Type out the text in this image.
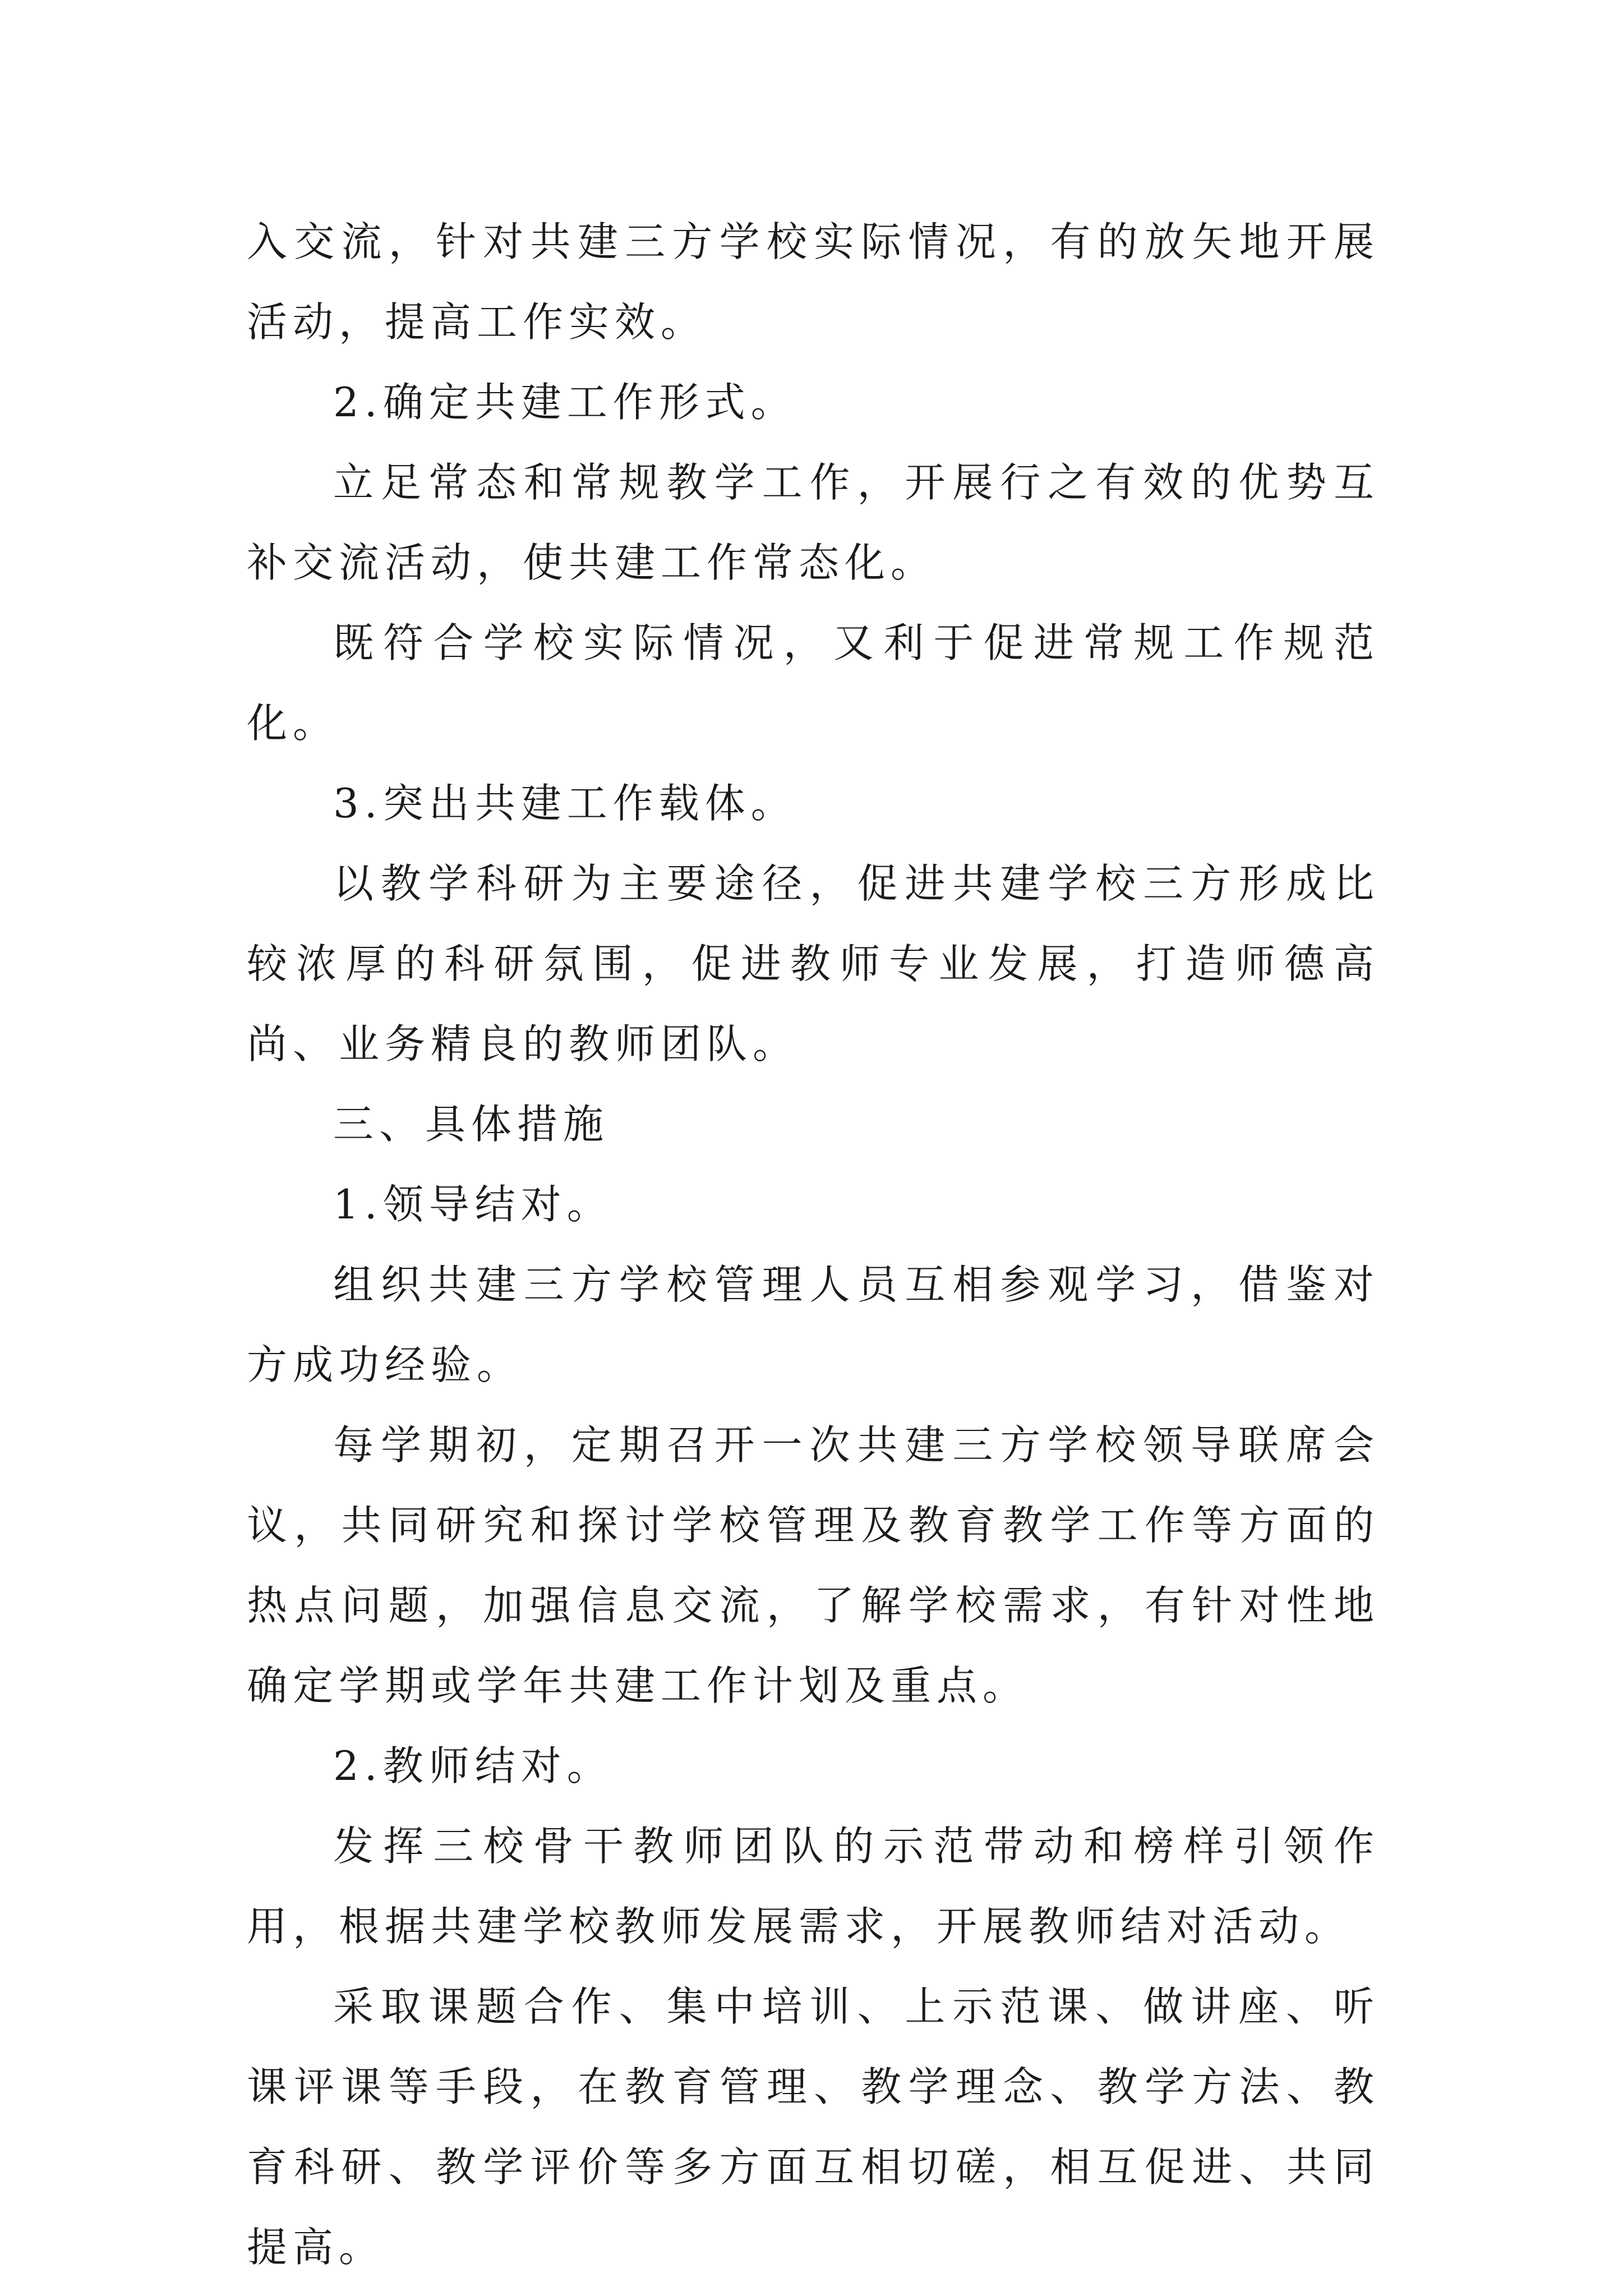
入交流，针对共建三方学校实际情况，有的放矢地开展活动，提高工作实效。

2.确定共建工作形式。

立足常态和常规教学工作，开展行之有效的优势互补交流活动，使共建工作常态化。

既符合学校实际情况，又利于促进常规工作规范化。

3.突出共建工作载体。

以教学科研为主要途径，促进共建学校三方形成比较浓厚的科研氛围，促进教师专业发展，打造师德高尚、业务精良的教师团队。

三、具体措施

1.领导结对。

组织共建三方学校管理人员互相参观学习，借鉴对方成功经验。

每学期初，定期召开一次共建三方学校领导联席会议，共同研究和探讨学校管理及教育教学工作等方面的热点问题，加强信息交流，了解学校需求，有针对性地确定学期或学年共建工作计划及重点。

2.教师结对。

发挥三校骨干教师团队的示范带动和榜样引领作用，根据共建学校教师发展需求，开展教师结对活动。

采取课题合作、集中培训、上示范课、做讲座、听课评课等手段，在教育管理、教学理念、教学方法、教育科研、教学评价等多方面互相切磋，相互促进、共同提高。
